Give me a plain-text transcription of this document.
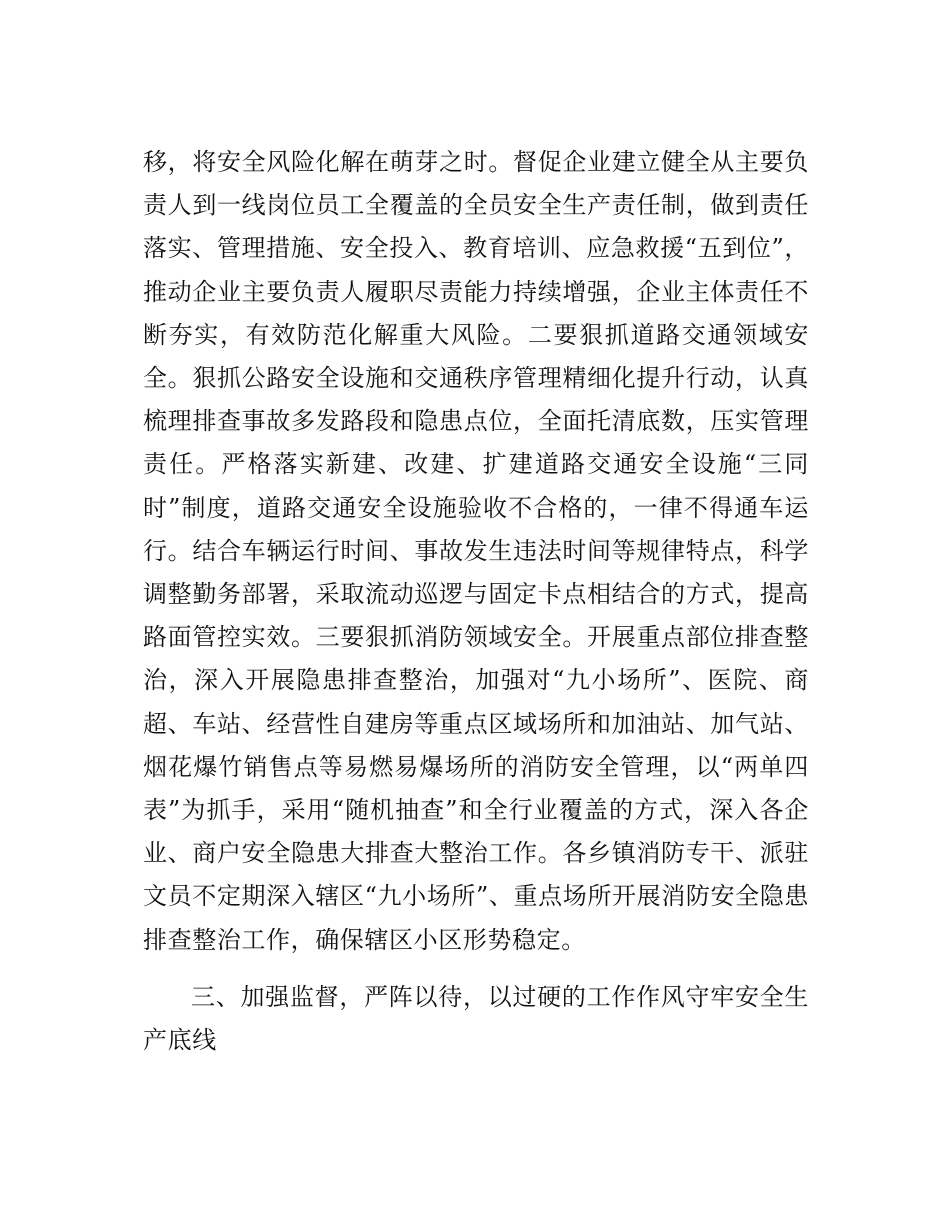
移，将安全风险化解在萌芽之时。督促企业建立健全从主要负责人到一线岗位员工全覆盖的全员安全生产责任制，做到责任落实、管理措施、安全投入、教育培训、应急救援“五到位”，推动企业主要负责人履职尽责能力持续增强，企业主体责任不断夯实，有效防范化解重大风险。二要狠抓道路交通领域安全。狠抓公路安全设施和交通秩序管理精细化提升行动，认真梳理排查事故多发路段和隐患点位，全面托清底数，压实管理责任。严格落实新建、改建、扩建道路交通安全设施“三同时”制度，道路交通安全设施验收不合格的，一律不得通车运行。结合车辆运行时间、事故发生违法时间等规律特点，科学调整勤务部署，采取流动巡逻与固定卡点相结合的方式，提高路面管控实效。三要狠抓消防领域安全。开展重点部位排查整治，深入开展隐患排查整治，加强对“九小场所”、医院、商超、车站、经营性自建房等重点区域场所和加油站、加气站、烟花爆竹销售点等易燃易爆场所的消防安全管理，以“两单四表”为抓手，采用“随机抽查”和全行业覆盖的方式，深入各企业、商户安全隐患大排查大整治工作。各乡镇消防专干、派驻文员不定期深入辖区“九小场所”、重点场所开展消防安全隐患排查整治工作，确保辖区小区形势稳定。

三、加强监督，严阵以待，以过硬的工作作风守牢安全生产底线
